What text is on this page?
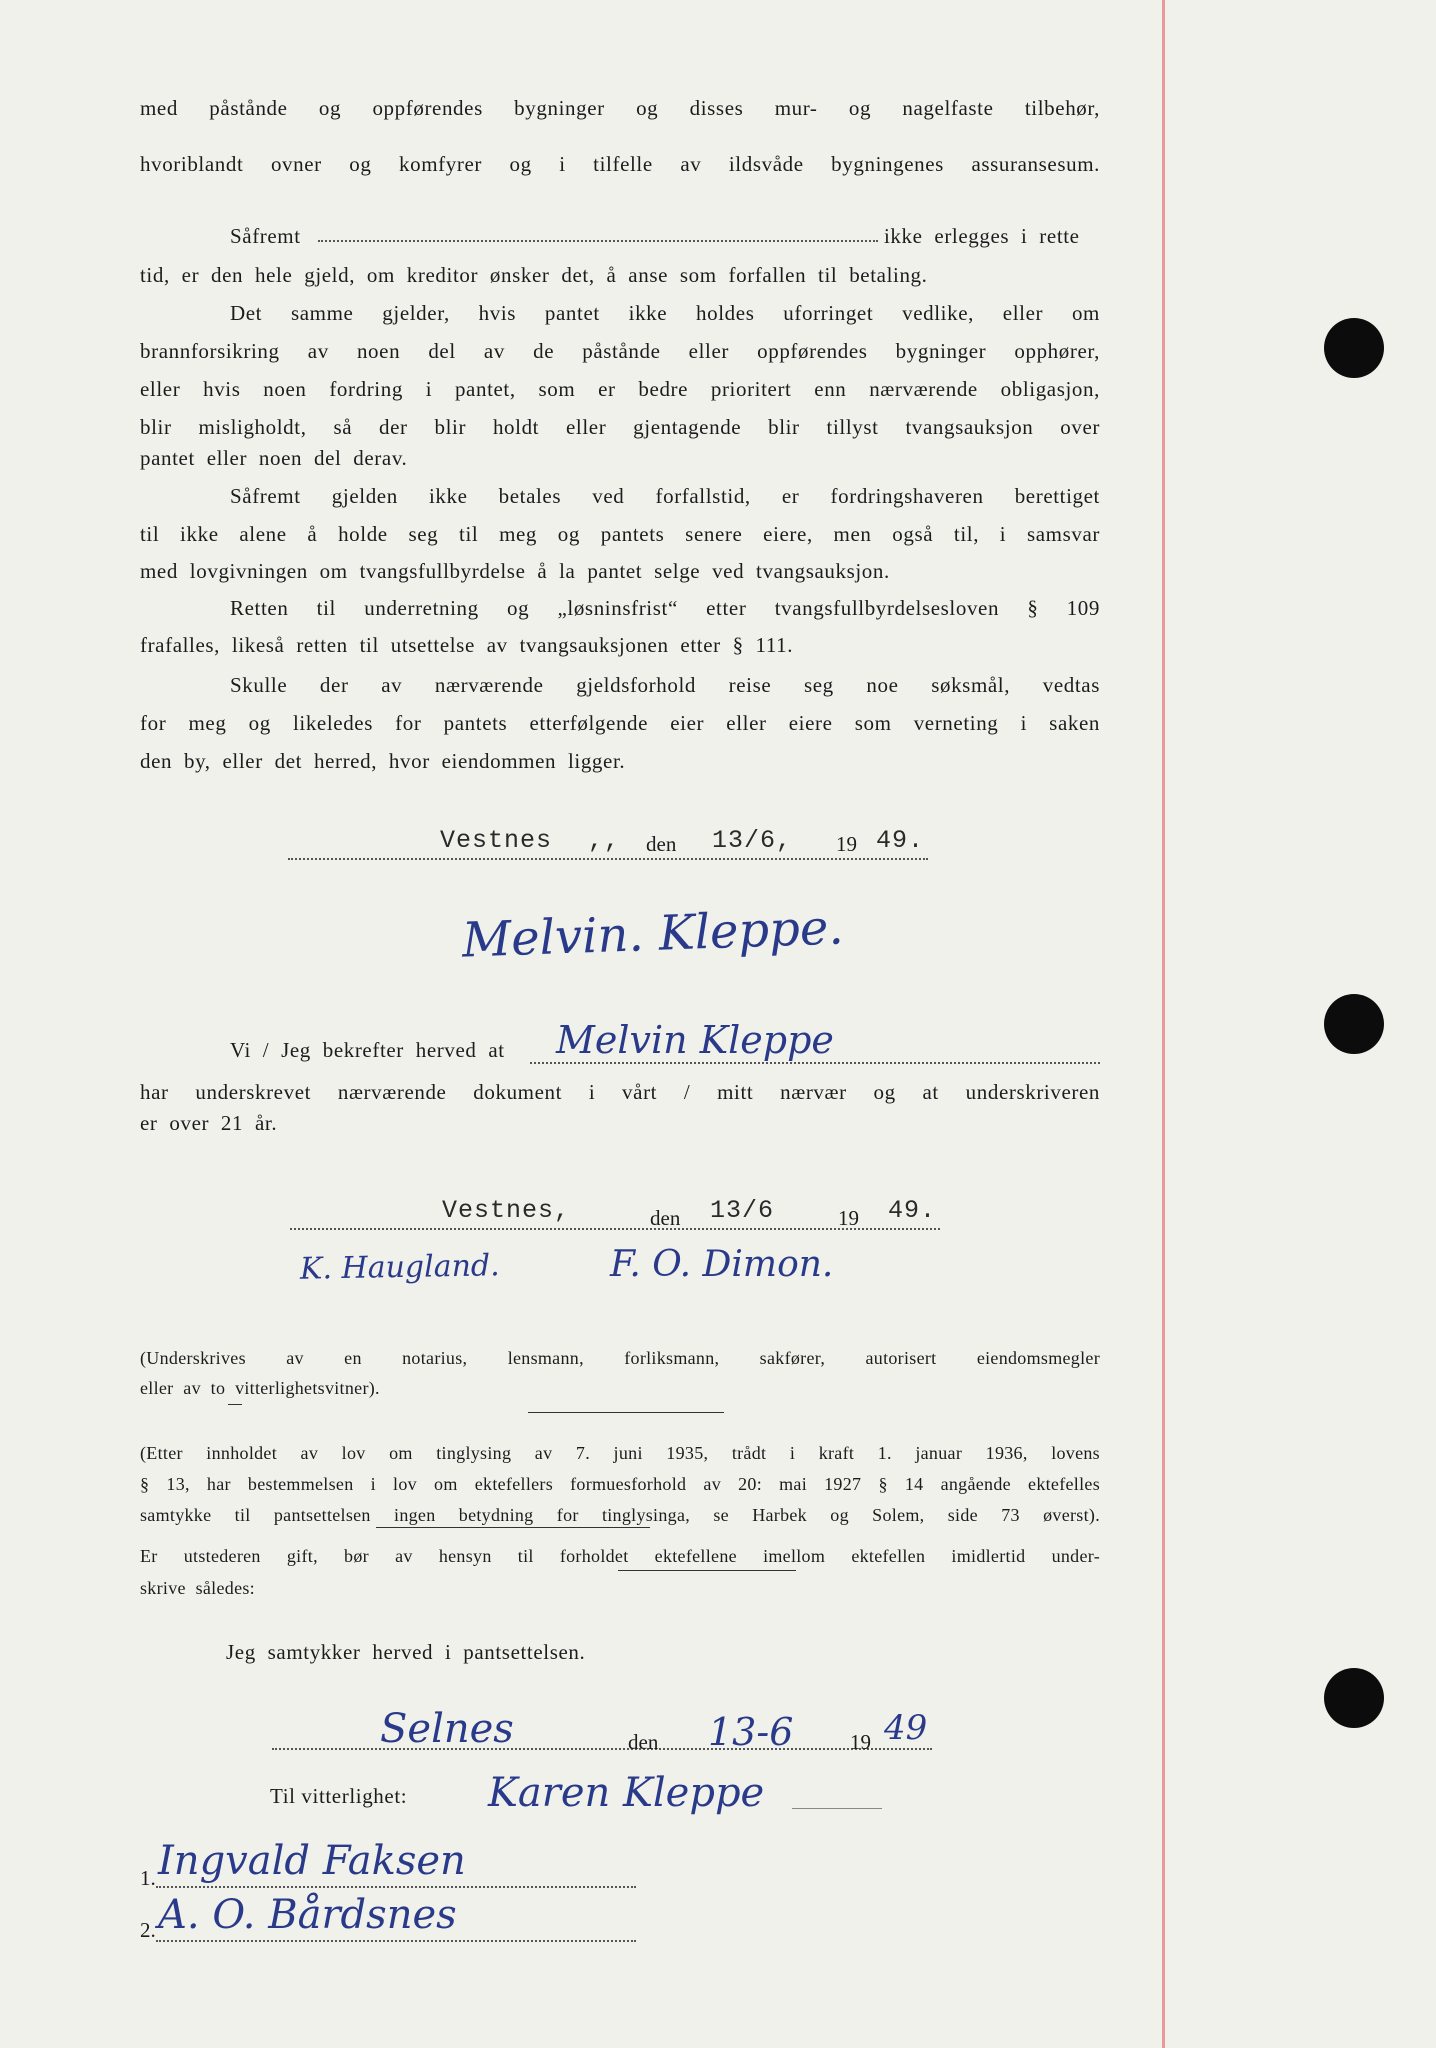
med påstånde og oppførendes bygninger og disses mur- og nagelfaste tilbehør,
hvoriblandt ovner og komfyrer og i tilfelle av ildsvåde bygningenes assuransesum.
Såfremt	ikke erlegges i rette
tid, er den hele gjeld, om kreditor ønsker det, å anse som forfallen til betaling.
Det samme gjelder, hvis pantet ikke holdes uforringet vedlike, eller om
brannforsikring av noen del av de påstånde eller oppførendes bygninger opphører,
eller hvis noen fordring i pantet, som er bedre prioritert enn nærværende obligasjon,
blir misligholdt, så der blir holdt eller gjentagende blir tillyst tvangsauksjon over
pantet eller noen del derav.
Såfremt gjelden ikke betales ved forfallstid, er fordringshaveren berettiget
til ikke alene å holde seg til meg og pantets senere eiere, men også til, i samsvar
med lovgivningen om tvangsfullbyrdelse å la pantet selge ved tvangsauksjon.
Retten til underretning og „løsninsfrist“ etter tvangsfullbyrdelsesloven § 109
frafalles, likeså retten til utsettelse av tvangsauksjonen etter § 111.
Skulle der av nærværende gjeldsforhold reise seg noe søksmål, vedtas
for meg og likeledes for pantets etterfølgende eier eller eiere som verneting i saken
den by, eller det herred, hvor eiendommen ligger.
Vestnes ,, den 13/6, 19 49.
Melvin. Kleppe.
Vi / Jeg bekrefter herved at Melvin Kleppe
har underskrevet nærværende dokument i vårt / mitt nærvær og at underskriveren
er over 21 år.
Vestnes,	den 13/6	19 49.
K. Haugland.	F. O. Dimon.
(Underskrives av en notarius, lensmann, forliksmann, sakfører, autorisert eiendomsmegler
eller av to vitterlighetsvitner).
(Etter innholdet av lov om tinglysing av 7. juni 1935, trådt i kraft 1. januar 1936, lovens
§ 13, har bestemmelsen i lov om ektefellers formuesforhold av 20: mai 1927 § 14 angående ektefelles
samtykke til pantsettelsen ingen betydning for tinglysinga, se Harbek og Solem, side 73 øverst).
Er utstederen gift, bør av hensyn til forholdet ektefellene imellom ektefellen imidlertid under-
skrive således:
Jeg samtykker herved i pantsettelsen.
Selnes	den 13-6	19 49
Til vitterlighet: Karen Kleppe
1. Ingvald Faksen
2. A. O. Bårdsnes
